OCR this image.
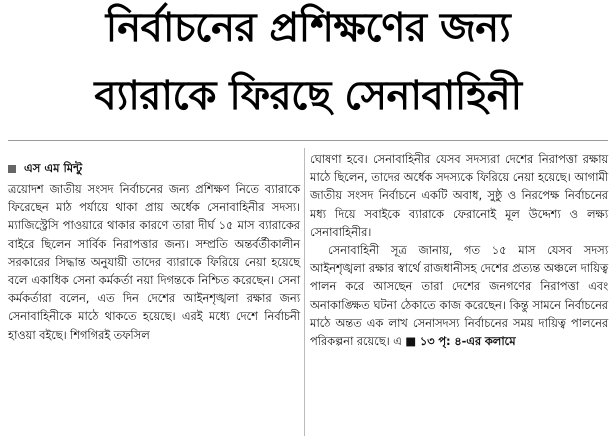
নির্বাচনের প্রশিক্ষণের জন্য
ব্যারাকে ফিরছে সেনাবাহিনী
এস এম মিন্টু

ত্রয়োদশ জাতীয় সংসদ নির্বাচনের জন্য প্রশিক্ষণ নিতে ব্যারাকে ফিরেছেন মাঠ পর্যায়ে থাকা প্রায় অর্ধেক সেনাবাহিনীর সদস্য। ম্যাজিস্ট্রেসি পাওয়ারে থাকার কারণে তারা দীর্ঘ ১৫ মাস ব্যারাকের বাইরে ছিলেন সার্বিক নিরাপত্তার জন্য। সম্প্রতি অন্তর্বর্তীকালীন সরকারের সিদ্ধান্ত অনুযায়ী তাদের ব্যারাকে ফিরিয়ে নেয়া হয়েছে বলে একাধিক সেনা কর্মকর্তা নয়া দিগন্তকে নিশ্চিত করেছেন। সেনা কর্মকর্তারা বলেন, এত দিন দেশের আইনশৃঙ্খলা রক্ষার জন্য সেনাবাহিনীকে মাঠে থাকতে হয়েছে। এরই মধ্যে দেশে নির্বাচনী হাওয়া বইছে। শিগগিরই তফসিল

ঘোষণা হবে। সেনাবাহিনীর যেসব সদস্যরা দেশের নিরাপত্তা রক্ষায় মাঠে ছিলেন, তাদের অর্ধেক সদস্যকে ফিরিয়ে নেয়া হয়েছে। আগামী জাতীয় সংসদ নির্বাচনে একটি অবাধ, সুষ্ঠু ও নিরপেক্ষ নির্বাচনের মধ্য দিয়ে সবাইকে ব্যারাকে ফেরানোই মূল উদ্দেশ্য ও লক্ষ্য সেনাবাহিনীর।

সেনাবাহিনী সূত্র জানায়, গত ১৫ মাস যেসব সদস্য আইনশৃঙ্খলা রক্ষার স্বার্থে রাজধানীসহ দেশের প্রত্যন্ত অঞ্চলে দায়িত্ব পালন করে আসছেন তারা দেশের জনগণের নিরাপত্তা এবং অনাকাঙ্ক্ষিত ঘটনা ঠেকাতে কাজ করেছেন। কিন্তু সামনে নির্বাচনের মাঠে অন্তত এক লাখ সেনাসদস্য নির্বাচনের সময় দায়িত্ব পালনের পরিকল্পনা রয়েছে। এ ■ ১৩ পৃ: ৪-এর কলামে
